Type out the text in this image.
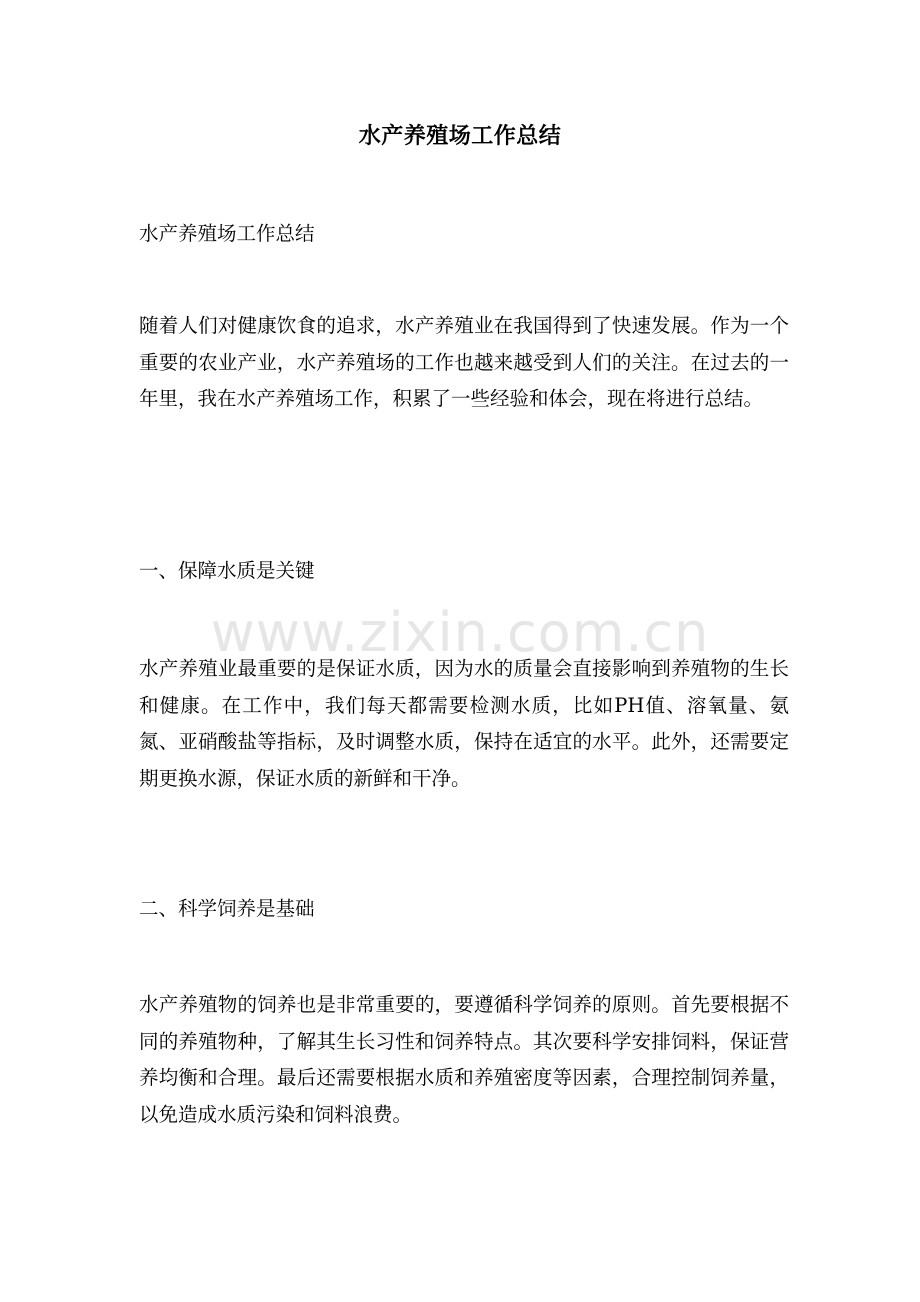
水产养殖场工作总结
水产养殖场工作总结

随着人们对健康饮食的追求，水产养殖业在我国得到了快速发展。作为一个重要的农业产业，水产养殖场的工作也越来越受到人们的关注。在过去的一年里，我在水产养殖场工作，积累了一些经验和体会，现在将进行总结。

一、保障水质是关键

水产养殖业最重要的是保证水质，因为水的质量会直接影响到养殖物的生长和健康。在工作中，我们每天都需要检测水质，比如PH值、溶氧量、氨氮、亚硝酸盐等指标，及时调整水质，保持在适宜的水平。此外，还需要定期更换水源，保证水质的新鲜和干净。

二、科学饲养是基础

水产养殖物的饲养也是非常重要的，要遵循科学饲养的原则。首先要根据不同的养殖物种，了解其生长习性和饲养特点。其次要科学安排饲料，保证营养均衡和合理。最后还需要根据水质和养殖密度等因素，合理控制饲养量，以免造成水质污染和饲料浪费。

www.zixin.com.cn
